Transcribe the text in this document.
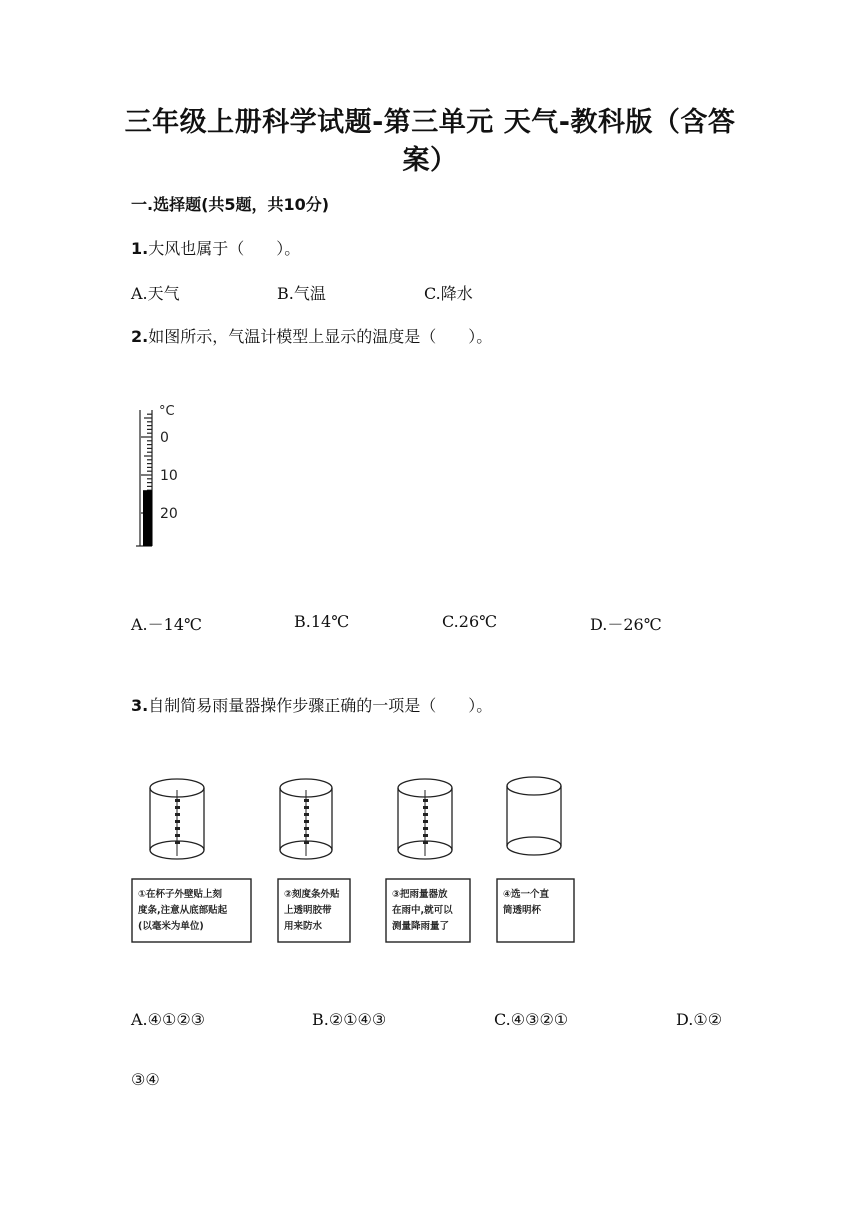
三年级上册科学试题-第三单元 天气-教科版（含答
案）
一.选择题(共5题，共10分)
1.大风也属于（　　）。
A.天气	B.气温	C.降水
2.如图所示，气温计模型上显示的温度是（　　）。
°C
0
10
20
A.－14℃	B.14℃	C.26℃	D.－26℃
3.自制简易雨量器操作步骤正确的一项是（　　）。
①在杯子外壁贴上刻
度条,注意从底部贴起
(以毫米为单位)
②刻度条外贴
上透明胶带
用来防水
③把雨量器放
在雨中,就可以
测量降雨量了
④选一个直
筒透明杯
A.④①②③	B.②①④③	C.④③②①	D.①②
③④
